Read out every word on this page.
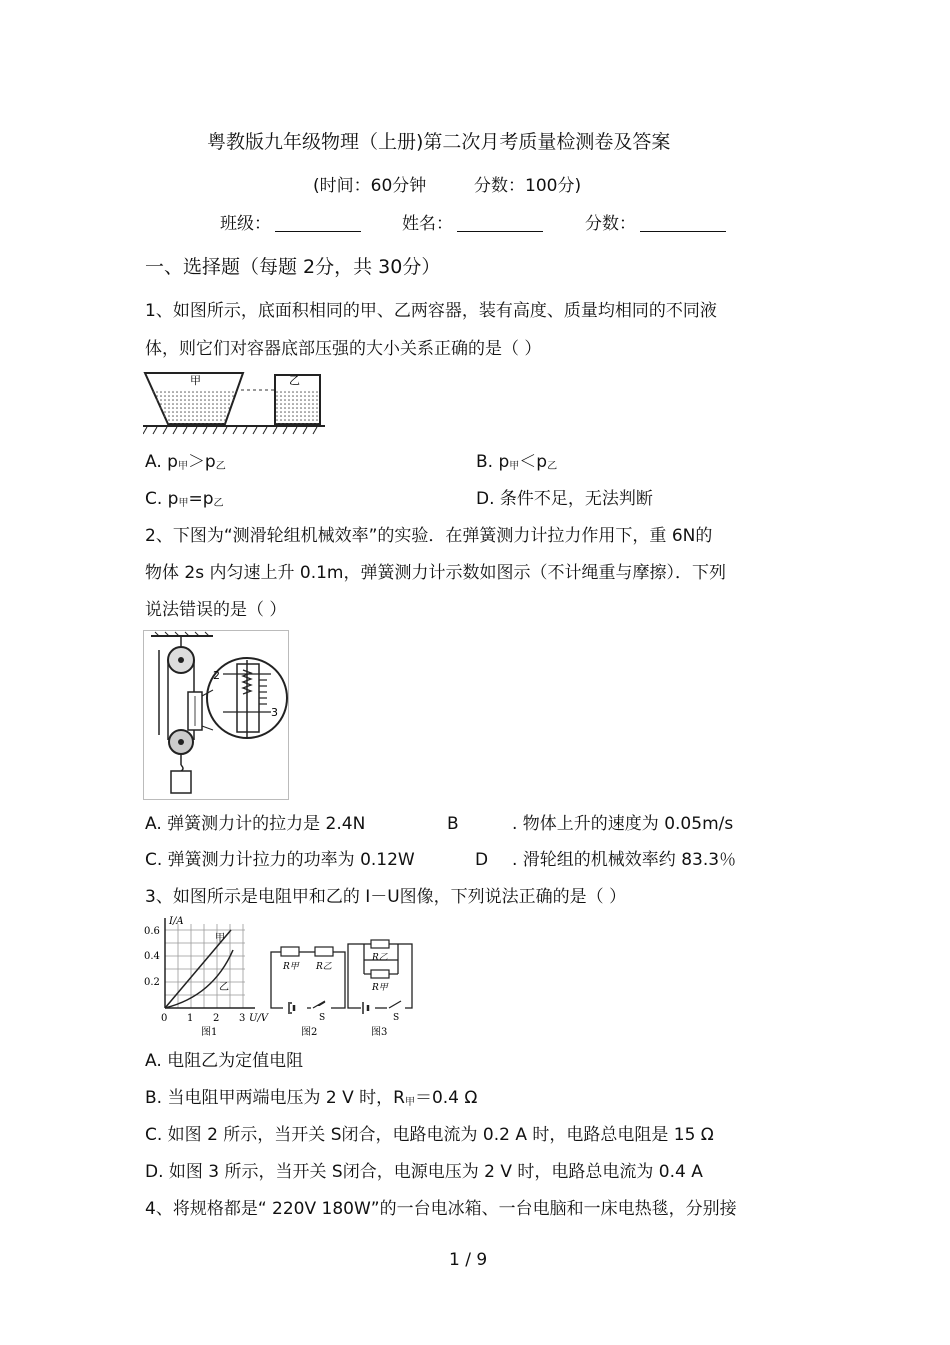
粤教版九年级物理（上册)第二次月考质量检测卷及答案
(时间：60分钟	分数：100分)
班级：	姓名：	分数：
一、选择题（每题 2分，共 30分）
1、如图所示，底面积相同的甲、乙两容器，装有高度、质量均相同的不同液
体，则它们对容器底部压强的大小关系正确的是（ ）
甲	乙
A. $p_甲>p_乙$	B. $p_甲<p_乙$
C. $p_甲=p_乙$	D. 条件不足，无法判断
2、下图为“测滑轮组机械效率”的实验．在弹簧测力计拉力作用下，重 6N的
物体 2s 内匀速上升 0.1m，弹簧测力计示数如图示（不计绳重与摩擦）．下列
说法错误的是（ ）
2
3
A. 弹簧测力计的拉力是 2.4N	B	. 物体上升的速度为 0.05m/s
C. 弹簧测力计拉力的功率为 0.12W	D . 滑轮组的机械效率约 83.3％
3、如图所示是电阻甲和乙的 I－U图像，下列说法正确的是（ ）
I/A
U/V
0.6
0.4
0.2
0 1 2 3
甲
乙
图1
R甲 R乙
S
图2
R乙
R甲
S
图3
A. 电阻乙为定值电阻
B. 当电阻甲两端电压为 2 V 时，$R_甲=0.4$ Ω
C. 如图 2 所示，当开关 S闭合，电路电流为 0.2 A 时，电路总电阻是 15 Ω
D. 如图 3 所示，当开关 S闭合，电源电压为 2 V 时，电路总电流为 0.4 A
4、将规格都是“ 220V 180W”的一台电冰箱、一台电脑和一床电热毯，分别接
1 / 9
